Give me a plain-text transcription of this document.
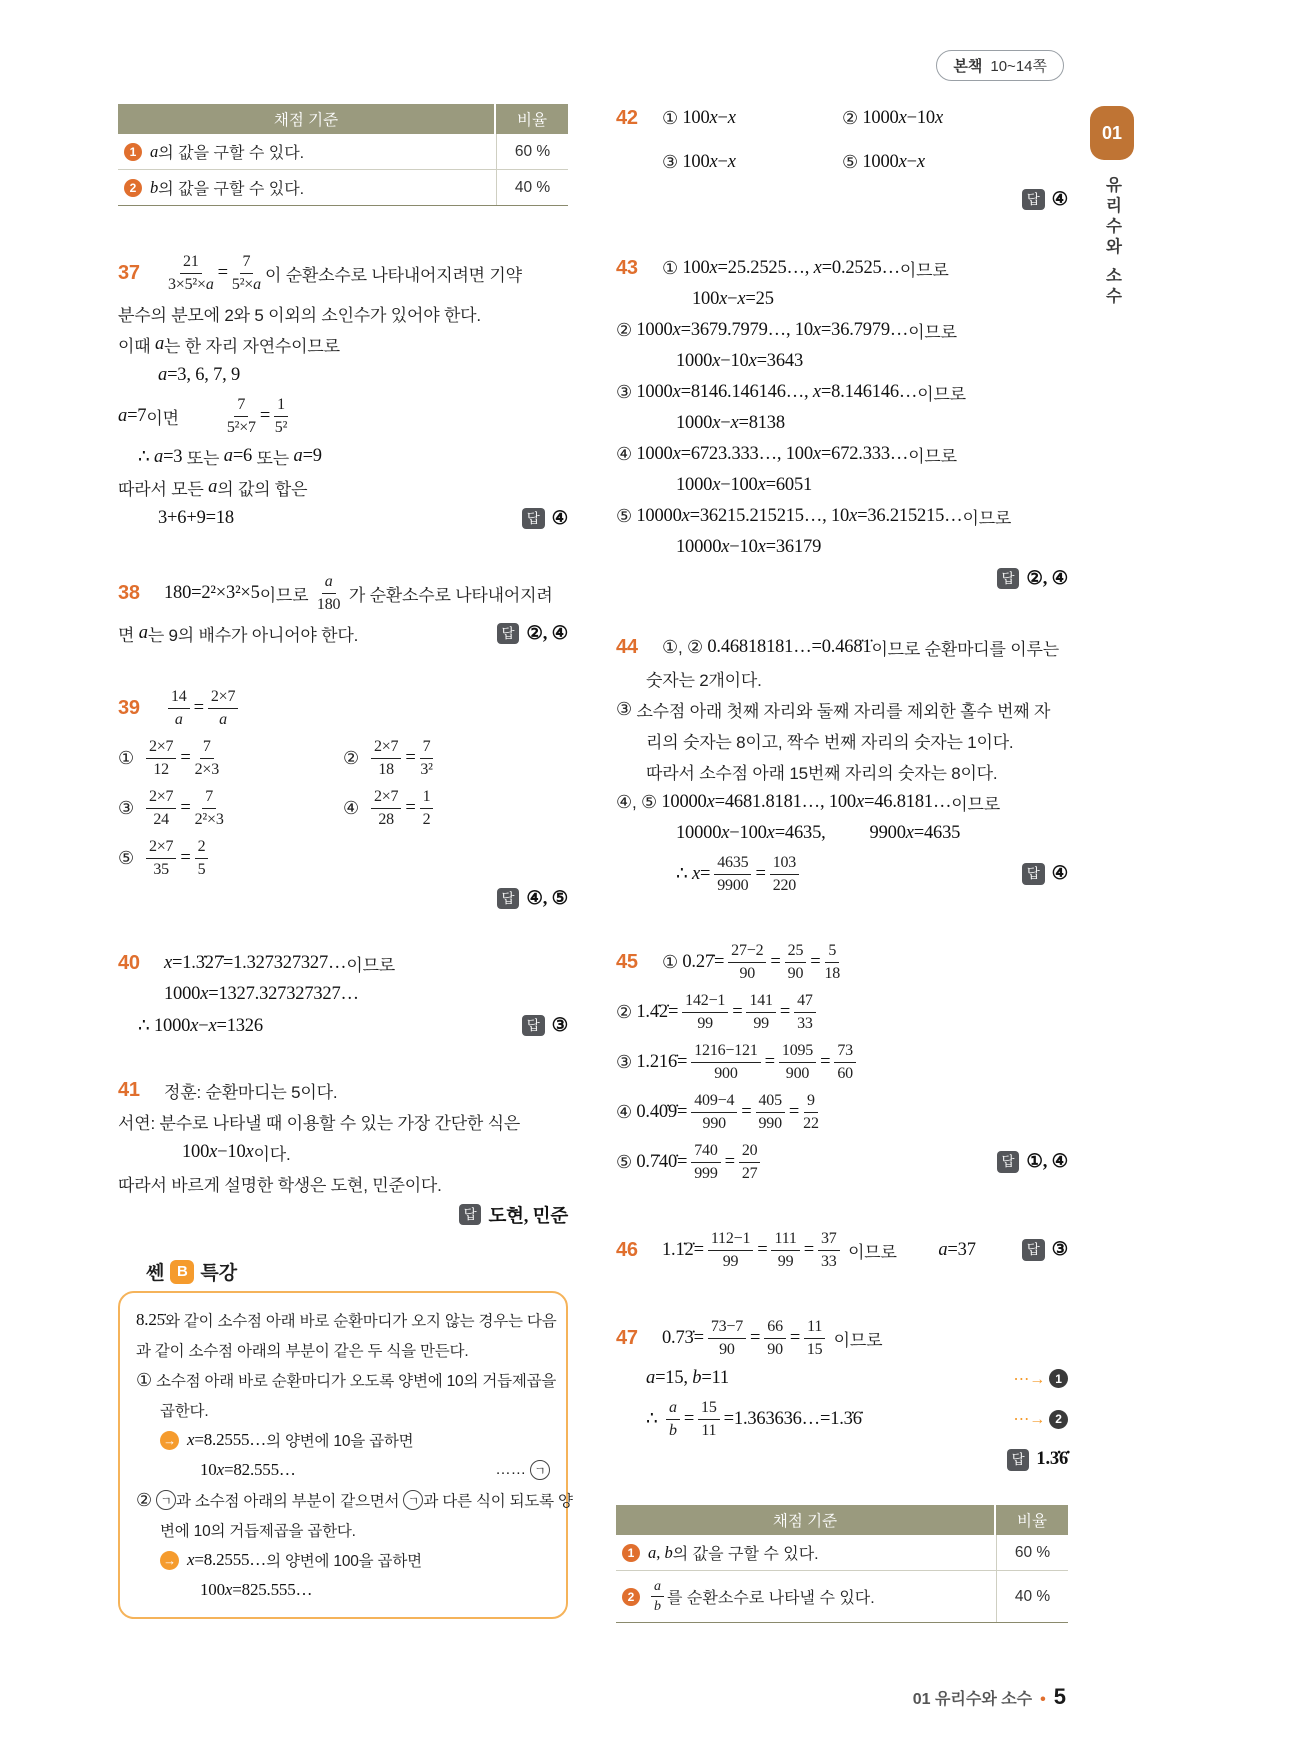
본책 10~14쪽
01
유리수와 소수
채점 기준	비율
1 a 의 값을 구할 수 있다.	60 %
2 b 의 값을 구할 수 있다.	40 %
37	$\frac{21}{\text{3×5²×a}} = \frac{7}{\text{5²×a}}$ 이 순환소수로 나타내어지려면 기약
분수의 분모에 2와 5 이외의 소인수가 있어야 한다.
이때 a 는 한 자리 자연수이므로
a=3, 6, 7, 9
a=7 이면	$\frac{7}{\text{5²×7}} = \frac{1}{\text{5²}}$
∴ a=3 또는 a=6 또는 a=9
따라서 모든 a 의 값의 합은
3+6+9=18	답 ④
38	180=2²×3²×5 이므로 $\frac{a}{180}$ 가 순환소수로 나타내어지려
면 a 는 9의 배수가 아니어야 한다.	답 ②, ④
39	$\frac{14}{a} = \frac{2\times 7}{a}$
① $\frac{2\times 7}{12} = \frac{7}{2\times 3}$	② $\frac{2\times 7}{18} = \frac{7}{\text{3²}}$
③ $\frac{2\times 7}{24} = \frac{7}{\text{2²×3}}$	④ $\frac{2\times 7}{28} = \frac{1}{2}$
⑤ $\frac{2\times 7}{35} = \frac{2}{5}$
답 ④, ⑤
40	x=1.3̇27̇=1.327327327… 이므로
1000x=1327.327327327…
∴ 1000x−x=1326	답 ③
41	정훈: 순환마디는 5이다.
서연: 분수로 나타낼 때 이용할 수 있는 가장 간단한 식은
100x−10x 이다.
따라서 바르게 설명한 학생은 도현, 민준이다.
답 도현, 민준
쎈 B 특강
8.25̇ 와 같이 소수점 아래 바로 순환마디가 오지 않는 경우는 다음
과 같이 소수점 아래의 부분이 같은 두 식을 만든다.
① 소수점 아래 바로 순환마디가 오도록 양변에 10의 거듭제곱을
곱한다.
→ x=8.2555… 의 양변에 10을 곱하면
10x=82.555…	…… ㄱ
②
ㄱ 과 소수점 아래의 부분이 같으면서 ㄱ 과 다른 식이 되도록 양
변에 10의 거듭제곱을 곱한다.
→ x=8.2555… 의 양변에 100을 곱하면
100x=825.555…
42	① 100x−x	② 1000x−10x
③ 100x−x	⑤ 1000x−x
답 ④
43	① 100x=25.2525…, x=0.2525… 이므로
100x−x=25
② 1000x=3679.7979…, 10x=36.7979… 이므로
1000x−10x=3643
③ 1000x=8146.146146…, x=8.146146… 이므로
1000x−x=8138
④ 1000x=6723.333…, 100x=672.333… 이므로
1000x−100x=6051
⑤ 10000x=36215.215215…, 10x=36.215215… 이므로
10000x−10x=36179
답 ②, ④
44	① , ② 0.46818181…=0.468̇1̇ 이므로 순환마디를 이루는
숫자는 2개이다.
③ 소수점 아래 첫째 자리와 둘째 자리를 제외한 홀수 번째 자
리의 숫자는 8이고, 짝수 번째 자리의 숫자는 1이다.
따라서 소수점 아래 15번째 자리의 숫자는 8이다.
④ , ⑤ 10000x=4681.8181…, 100x=46.8181… 이므로
10000x−100x=4635, 9900x=4635
∴ $x= \frac{4635}{9900} = \frac{103}{220}$	답 ④
45	① 0.27̇= $\frac{27-2}{90} = \frac{25}{90} = \frac{5}{18}$
② 1.4̇2̇= $\frac{142-1}{99} = \frac{141}{99} = \frac{47}{33}$
③ 1.216̇= $\frac{1216-121}{900} = \frac{1095}{900} = \frac{73}{60}$
④ 0.40̇9̇= $\frac{409-4}{990} = \frac{405}{990} = \frac{9}{22}$
⑤ 0.7̇40̇= $\frac{740}{999} = \frac{20}{27}$	답 ①, ④
46	1.1̇2̇= $\frac{112-1}{99} = \frac{111}{99} = \frac{37}{33}$ 이므로 a=37	답 ③
47	0.73̇= $\frac{73-7}{90} = \frac{66}{90} = \frac{11}{15}$ 이므로
a=15, b=11	⋯→ 1
∴ $\frac{a}{b} = \frac{15}{11}$ =1.363636…=1.3̇6̇	⋯→ 2
답 1.3̇6̇
채점 기준	비율
1 a, b 의 값을 구할 수 있다.	60 %
2	$\frac{a}{b}$ 를 순환소수로 나타낼 수 있다.	40 %
01 유리수와 소수 • 5
